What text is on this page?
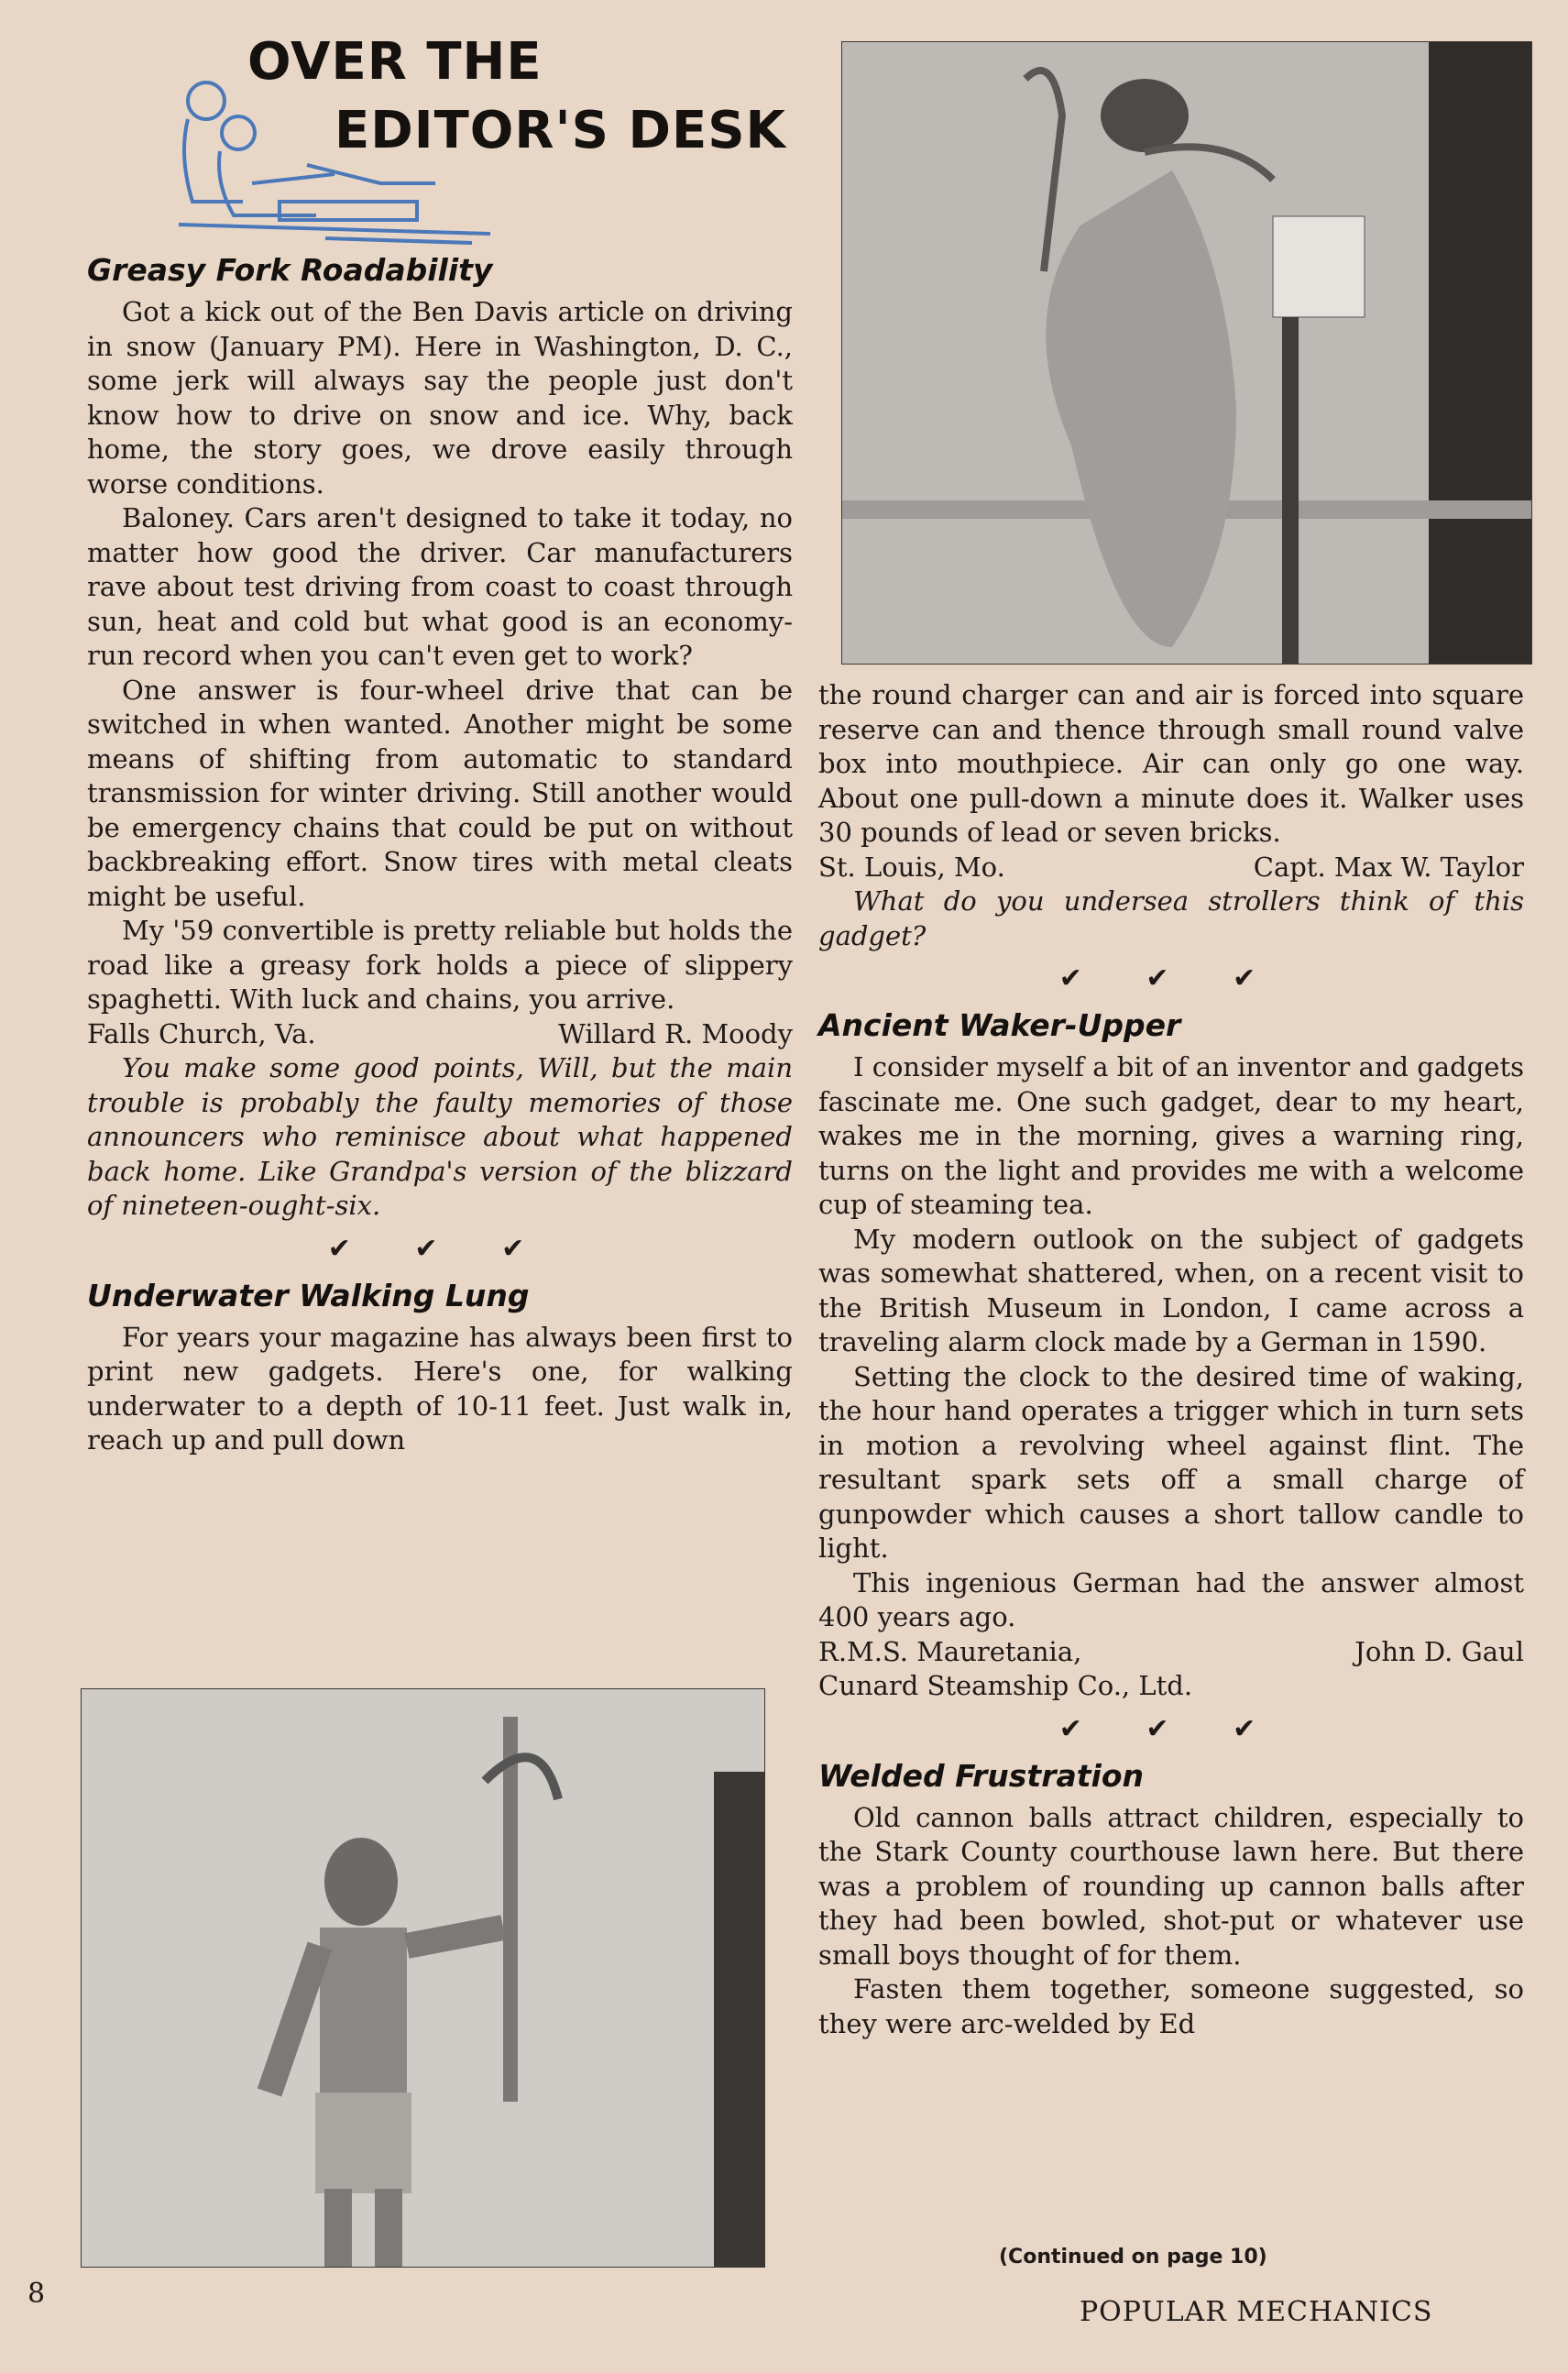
OVER THE
EDITOR'S DESK
Greasy Fork Roadability

Got a kick out of the Ben Davis article on driving in snow (January PM). Here in Washington, D. C., some jerk will always say the people just don't know how to drive on snow and ice. Why, back home, the story goes, we drove easily through worse conditions.

Baloney. Cars aren't designed to take it today, no matter how good the driver. Car manufacturers rave about test driving from coast to coast through sun, heat and cold but what good is an economy-run record when you can't even get to work?

One answer is four-wheel drive that can be switched in when wanted. Another might be some means of shifting from automatic to standard transmission for winter driving. Still another would be emergency chains that could be put on without backbreaking effort. Snow tires with metal cleats might be useful.

My '59 convertible is pretty reliable but holds the road like a greasy fork holds a piece of slippery spaghetti. With luck and chains, you arrive.

Falls Church, Va.	Willard R. Moody

You make some good points, Will, but the main trouble is probably the faulty memories of those announcers who reminisce about what happened back home. Like Grandpa's version of the blizzard of nineteen-ought-six.

✔ ✔ ✔
Underwater Walking Lung

For years your magazine has always been first to print new gadgets. Here's one, for walking underwater to a depth of 10-11 feet. Just walk in, reach up and pull down

the round charger can and air is forced into square reserve can and thence through small round valve box into mouthpiece. Air can only go one way. About one pull-down a minute does it. Walker uses 30 pounds of lead or seven bricks.

St. Louis, Mo.	Capt. Max W. Taylor

What do you undersea strollers think of this gadget?

✔ ✔ ✔
Ancient Waker-Upper

I consider myself a bit of an inventor and gadgets fascinate me. One such gadget, dear to my heart, wakes me in the morning, gives a warning ring, turns on the light and provides me with a welcome cup of steaming tea.

My modern outlook on the subject of gadgets was somewhat shattered, when, on a recent visit to the British Museum in London, I came across a traveling alarm clock made by a German in 1590.

Setting the clock to the desired time of waking, the hour hand operates a trigger which in turn sets in motion a revolving wheel against flint. The resultant spark sets off a small charge of gunpowder which causes a short tallow candle to light.

This ingenious German had the answer almost 400 years ago.

R.M.S. Mauretania,
Cunard Steamship Co., Ltd.
John D. Gaul
✔ ✔ ✔
Welded Frustration

Old cannon balls attract children, especially to the Stark County courthouse lawn here. But there was a problem of rounding up cannon balls after they had been bowled, shot-put or whatever use small boys thought of for them.

Fasten them together, someone suggested, so they were arc-welded by Ed

(Continued on page 10)
8
POPULAR MECHANICS
